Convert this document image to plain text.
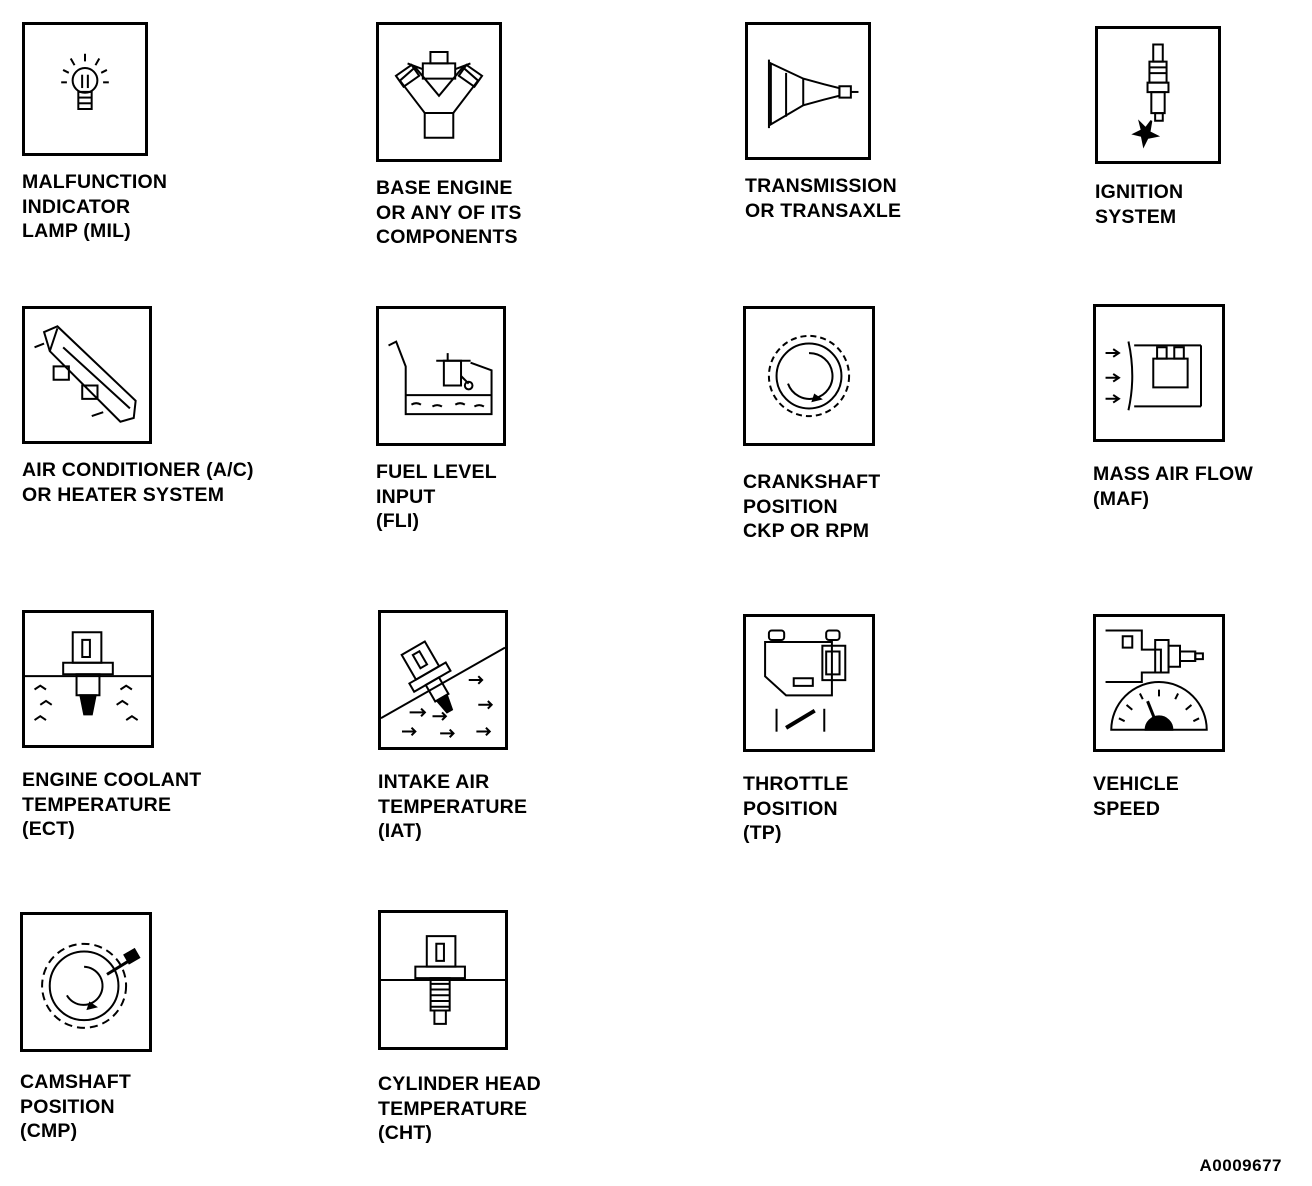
MALFUNCTION
INDICATOR
LAMP (MIL)
BASE ENGINE
OR ANY OF ITS
COMPONENTS
TRANSMISSION
OR TRANSAXLE
IGNITION
SYSTEM
AIR CONDITIONER (A/C)
OR HEATER SYSTEM
FUEL LEVEL
INPUT
(FLI)
CRANKSHAFT
POSITION
CKP OR RPM
MASS AIR FLOW
(MAF)
ENGINE COOLANT
TEMPERATURE
(ECT)
INTAKE AIR
TEMPERATURE
(IAT)
THROTTLE
POSITION
(TP)
VEHICLE
SPEED
CAMSHAFT
POSITION
(CMP)
CYLINDER HEAD
TEMPERATURE
(CHT)
A0009677
